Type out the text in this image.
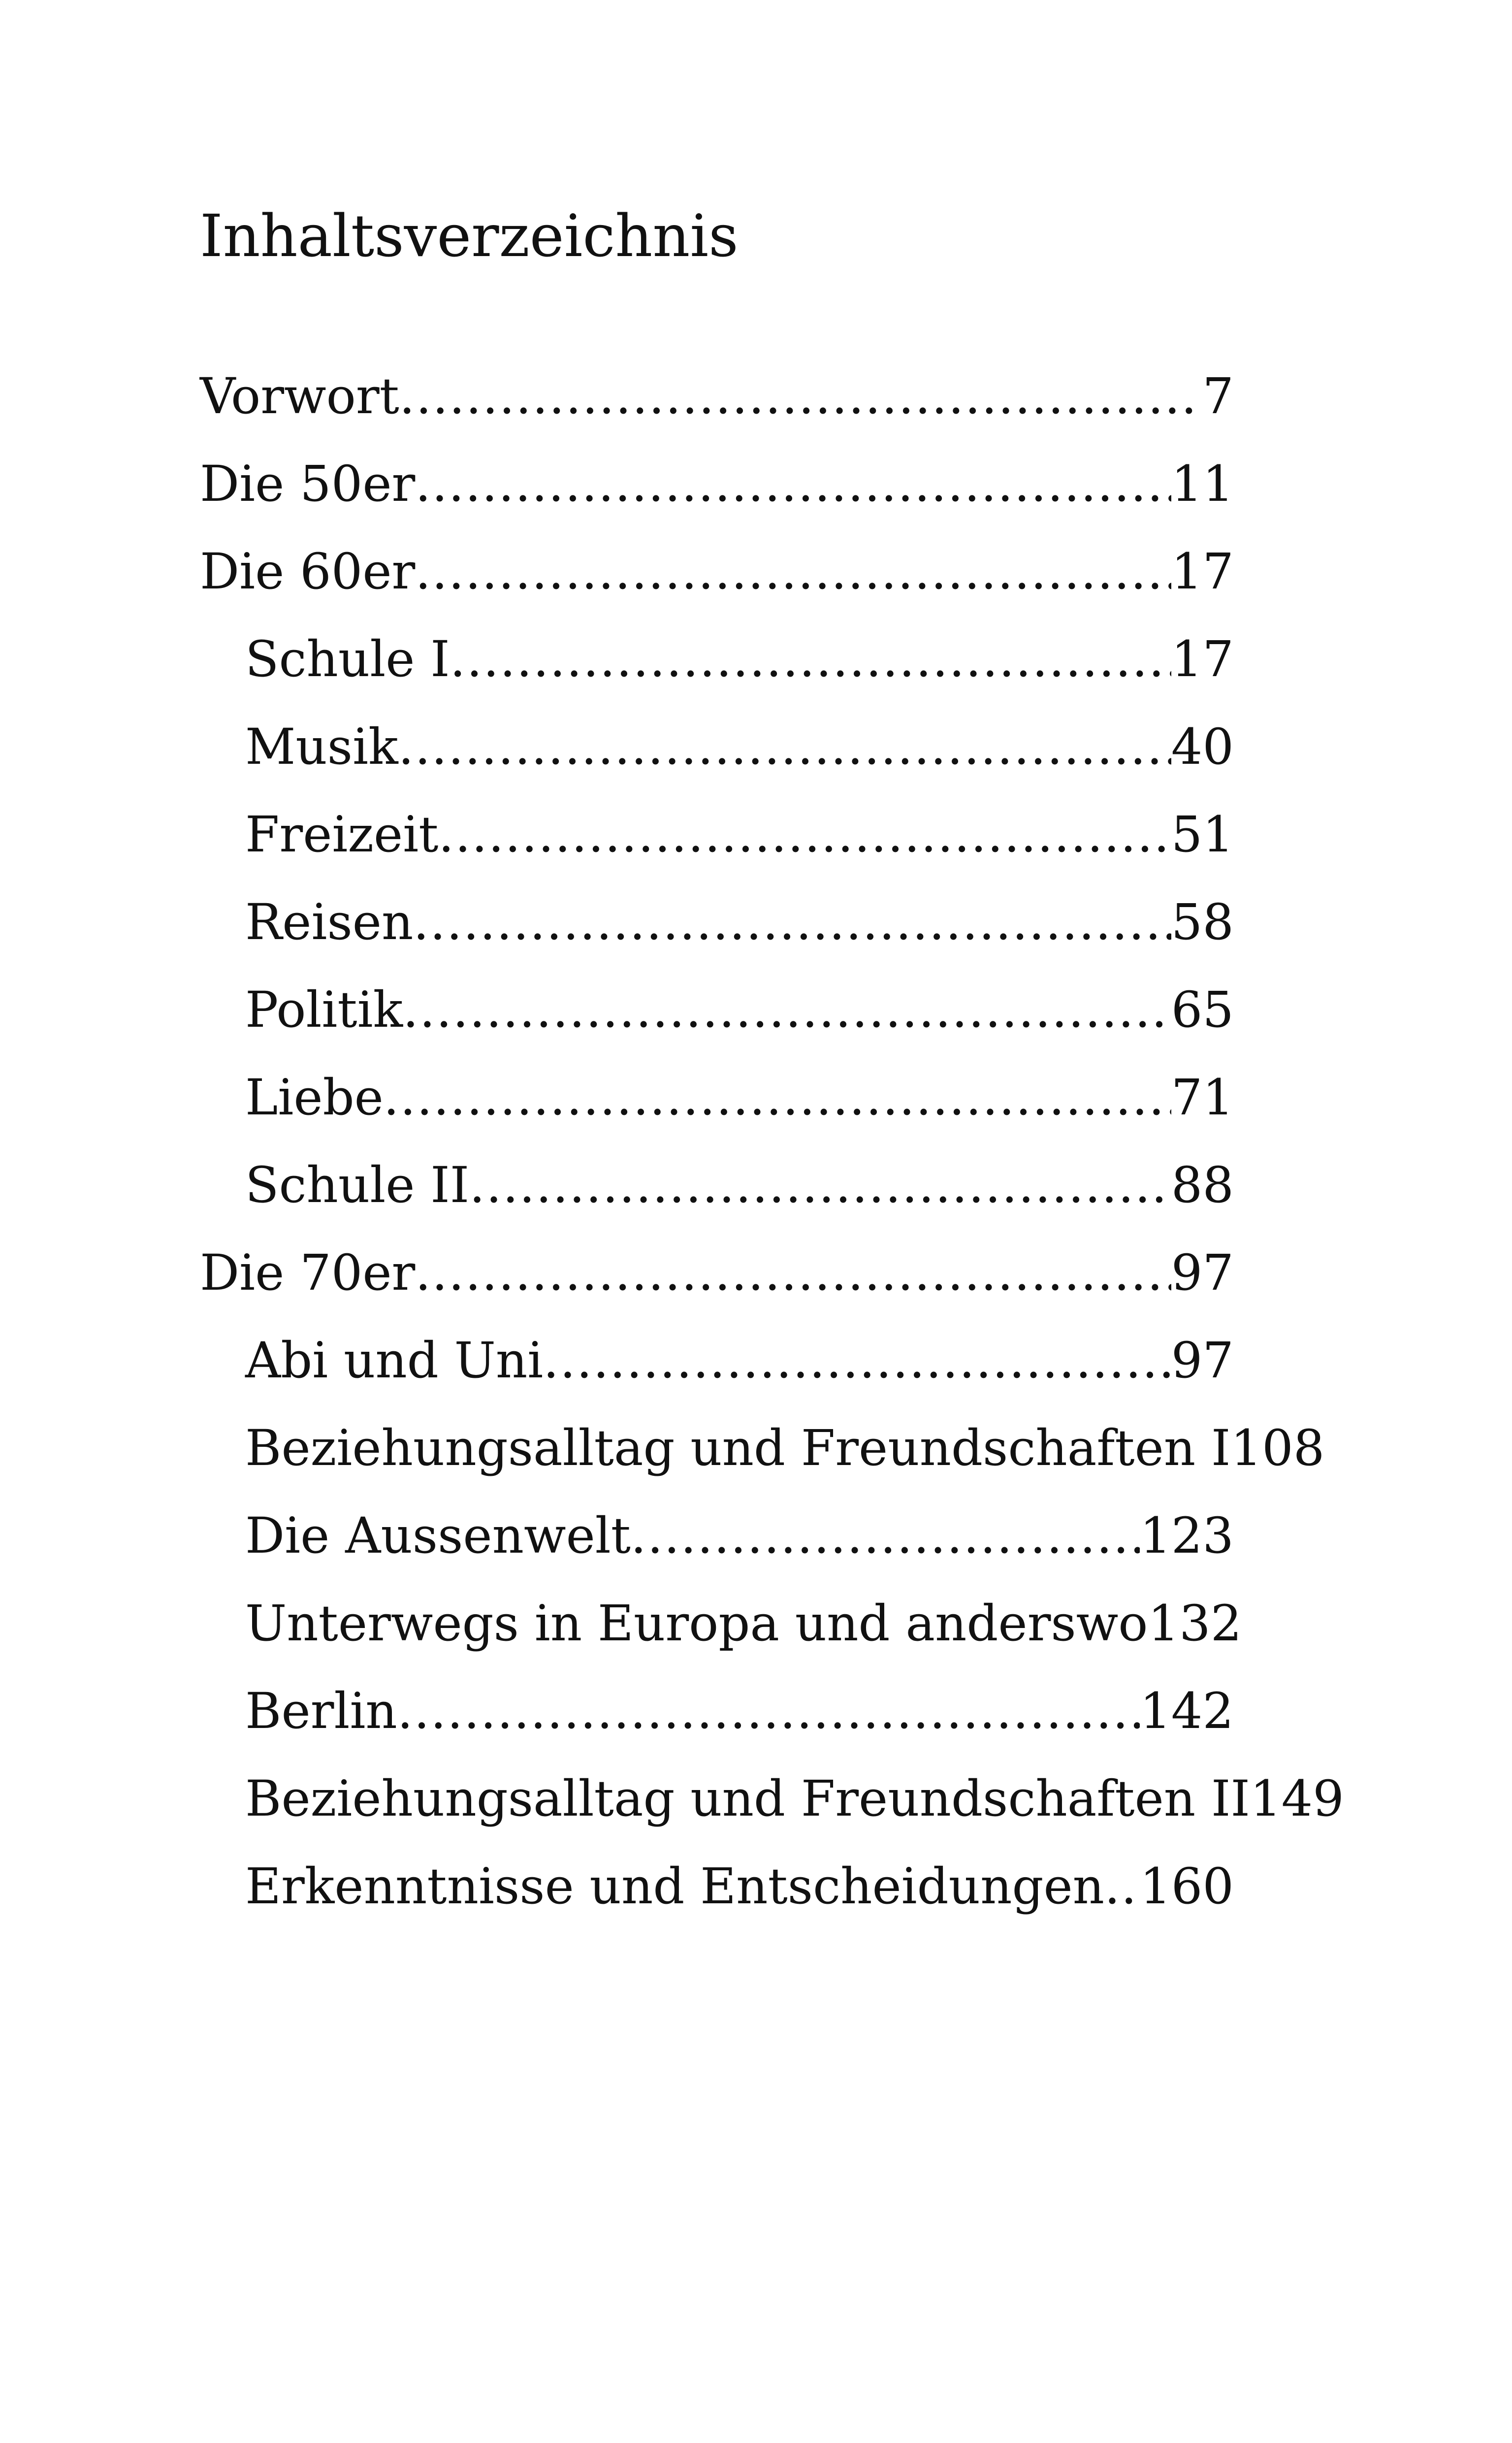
Inhaltsverzeichnis
Vorwort .....	7
Die 50er .....	11
Die 60er .....	17
Schule I .....	17
Musik .....	40
Freizeit .....	51
Reisen .....	58
Politik .....	65
Liebe .....	71
Schule II .....	88
Die 70er .....	97
Abi und Uni .....	97
Beziehungsalltag und Freundschaften I 108
Die Aussenwelt .....	123
Unterwegs in Europa und anderswo 132
Berlin .....	142
Beziehungsalltag und Freundschaften II 149
Erkenntnisse und Entscheidungen ..... 160
